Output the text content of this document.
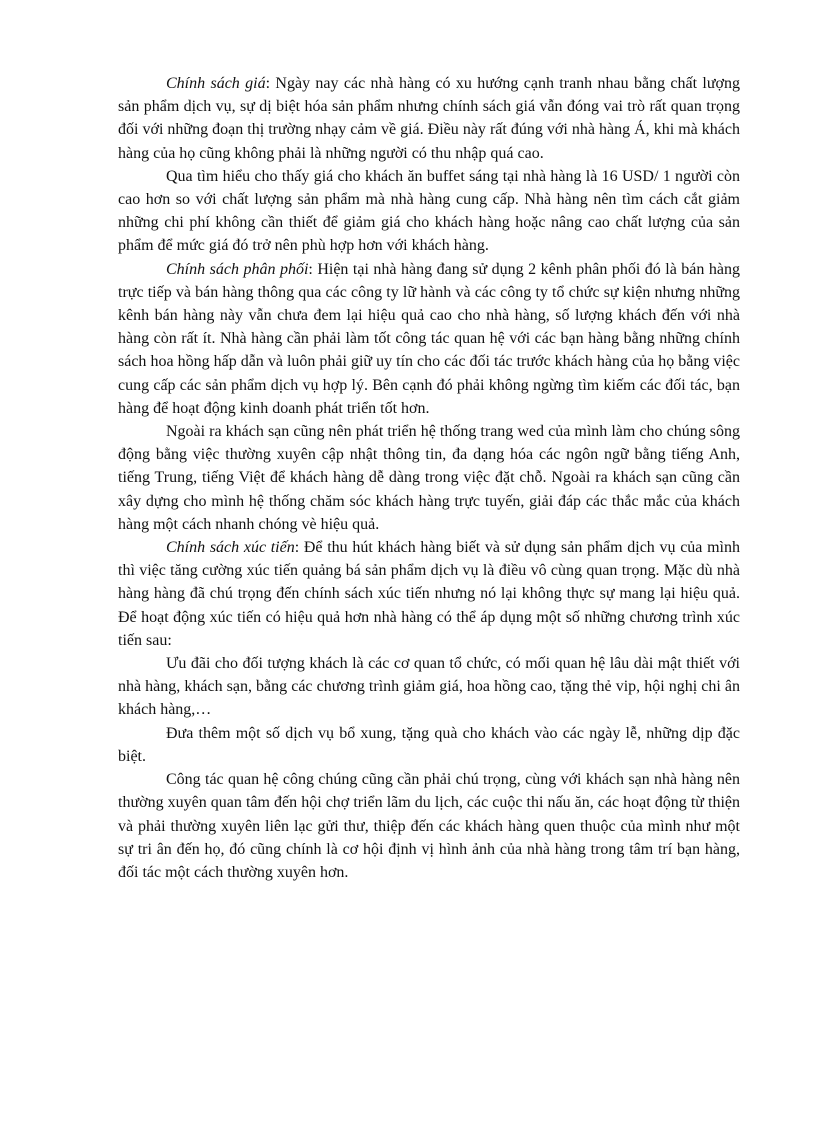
Chính sách giá: Ngày nay các nhà hàng có xu hướng cạnh tranh nhau bằng chất lượng sản phẩm dịch vụ, sự dị biệt hóa sản phẩm nhưng chính sách giá vẫn đóng vai trò rất quan trọng đối với những đoạn thị trường nhạy cảm về giá. Điều này rất đúng với nhà hàng Á, khi mà khách hàng của họ cũng không phải là những người có thu nhập quá cao.

Qua tìm hiểu cho thấy giá cho khách ăn buffet sáng tại nhà hàng là 16 USD/ 1 người còn cao hơn so với chất lượng sản phẩm mà nhà hàng cung cấp. Nhà hàng nên tìm cách cắt giảm những chi phí không cần thiết để giảm giá cho khách hàng hoặc nâng cao chất lượng của sản phẩm để mức giá đó trở nên phù hợp hơn với khách hàng.

Chính sách phân phối: Hiện tại nhà hàng đang sử dụng 2 kênh phân phối đó là bán hàng trực tiếp và bán hàng thông qua các công ty lữ hành và các công ty tổ chức sự kiện nhưng những kênh bán hàng này vẫn chưa đem lại hiệu quả cao cho nhà hàng, số lượng khách đến với nhà hàng còn rất ít. Nhà hàng cần phải làm tốt công tác quan hệ với các bạn hàng bằng những chính sách hoa hồng hấp dẫn và luôn phải giữ uy tín cho các đối tác trước khách hàng của họ bằng việc cung cấp các sản phẩm dịch vụ hợp lý. Bên cạnh đó phải không ngừng tìm kiếm các đối tác, bạn hàng để hoạt động kinh doanh phát triển tốt hơn.

Ngoài ra khách sạn cũng nên phát triển hệ thống trang wed của mình làm cho chúng sông động bằng việc thường xuyên cập nhật thông tin, đa dạng hóa các ngôn ngữ bằng tiếng Anh, tiếng Trung, tiếng Việt để khách hàng dễ dàng trong việc đặt chỗ. Ngoài ra khách sạn cũng cần xây dựng cho mình hệ thống chăm sóc khách hàng trực tuyến, giải đáp các thắc mắc của khách hàng một cách nhanh chóng vè hiệu quả.

Chính sách xúc tiến: Để thu hút khách hàng biết và sử dụng sản phẩm dịch vụ của mình thì việc tăng cường xúc tiến quảng bá sản phẩm dịch vụ là điều vô cùng quan trọng. Mặc dù nhà hàng hàng đã chú trọng đến chính sách xúc tiến nhưng nó lại không thực sự mang lại hiệu quả. Để hoạt động xúc tiến có hiệu quả hơn nhà hàng có thể áp dụng một số những chương trình xúc tiến sau:

Ưu đãi cho đối tượng khách là các cơ quan tổ chức, có mối quan hệ lâu dài mật thiết với nhà hàng, khách sạn, bằng các chương trình giảm giá, hoa hồng cao, tặng thẻ vip, hội nghị chi ân khách hàng,…

Đưa thêm một số dịch vụ bổ xung, tặng quà cho khách vào các ngày lễ, những dịp đặc biệt.

Công tác quan hệ công chúng cũng cần phải chú trọng, cùng với khách sạn nhà hàng nên thường xuyên quan tâm đến hội chợ triển lãm du lịch, các cuộc thi nấu ăn, các hoạt động từ thiện và phải thường xuyên liên lạc gửi thư, thiệp đến các khách hàng quen thuộc của mình như một sự tri ân đến họ, đó cũng chính là cơ hội định vị hình ảnh của nhà hàng trong tâm trí bạn hàng, đối tác một cách thường xuyên hơn.
